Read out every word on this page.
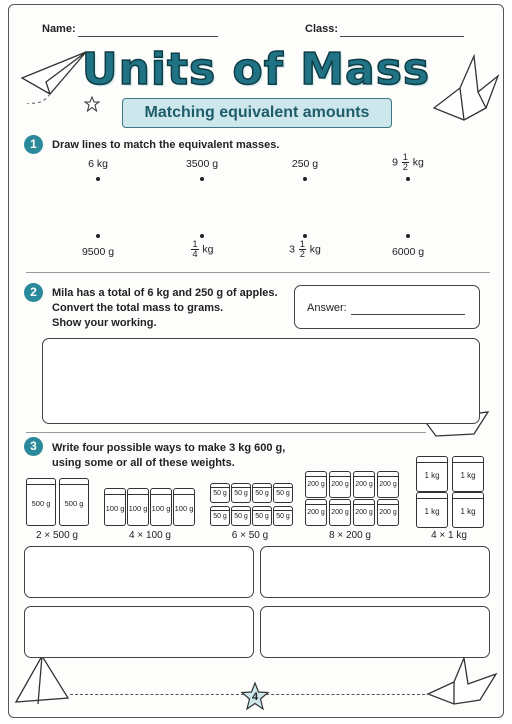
Name:	Class:
Units of Mass
Matching equivalent amounts
1	Draw lines to match the equivalent masses.
6 kg	3500 g	250 g	$9 \frac{1}{2}$ kg
9500 g	$\frac{1}{4}$ kg	$3 \frac{1}{2}$ kg	6000 g
2	Mila has a total of 6 kg and 250 g of apples.
Convert the total mass to grams.
Show your working.
Answer:
3	Write four possible ways to make 3 kg 600 g,
using some or all of these weights.
500 g	500 g
2 × 500 g
100 g 100 g 100 g 100 g
4 × 100 g
50 g	50 g	50 g
50 g	50 g	50 g
50 g
50 g
6 × 50 g
200 g 200 g 200 g 200 g
200 g 200 g 200 g 200 g
8 × 200 g
1 kg	1 kg
1 kg	1 kg
4 × 1 kg
4
